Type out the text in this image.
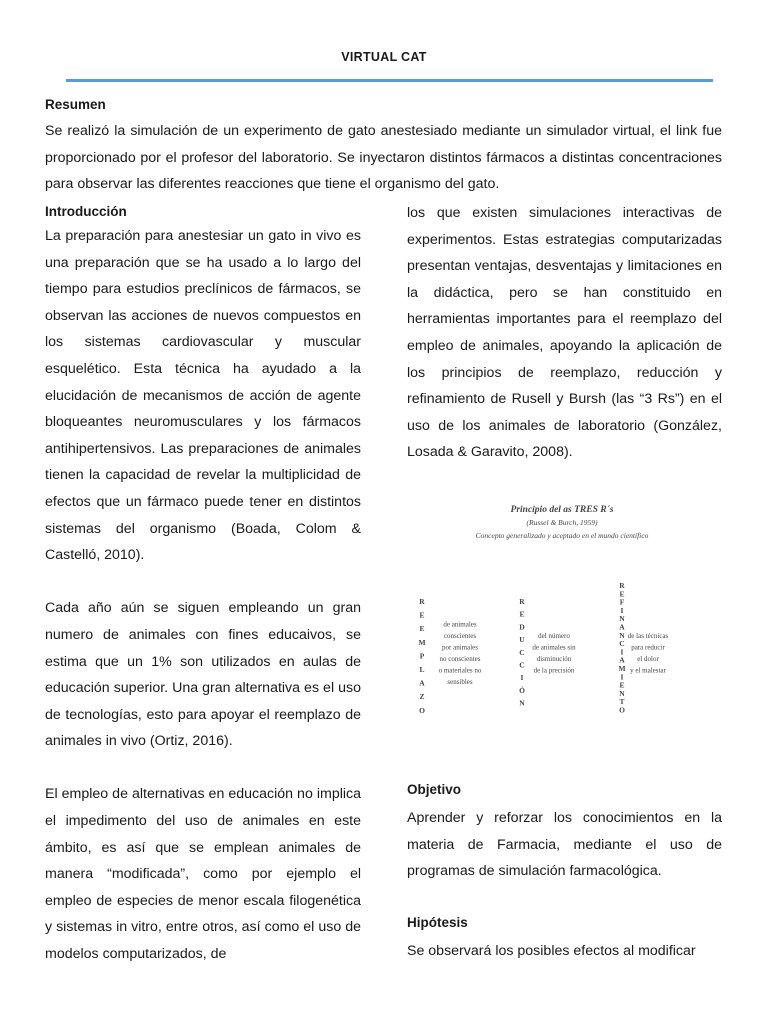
VIRTUAL CAT

Resumen

Se realizó la simulación de un experimento de gato anestesiado mediante un simulador virtual, el link fue proporcionado por el profesor del laboratorio. Se inyectaron distintos fármacos a distintas concentraciones para observar las diferentes reacciones que tiene el organismo del gato.

Introducción

La preparación para anestesiar un gato in vivo es una preparación que se ha usado a lo largo del tiempo para estudios preclínicos de fármacos, se observan las acciones de nuevos compuestos en los sistemas cardiovascular y muscular esquelético. Esta técnica ha ayudado a la elucidación de mecanismos de acción de agente bloqueantes neuromusculares y los fármacos antihipertensivos. Las preparaciones de animales tienen la capacidad de revelar la multiplicidad de efectos que un fármaco puede tener en distintos sistemas del organismo (Boada, Colom & Castelló, 2010).

Cada año aún se siguen empleando un gran numero de animales con fines educaivos, se estima que un 1% son utilizados en aulas de educación superior. Una gran alternativa es el uso de tecnologías, esto para apoyar el reemplazo de animales in vivo (Ortiz, 2016).

El empleo de alternativas en educación no implica el impedimento del uso de animales en este ámbito, es así que se emplean animales de manera “modificada”, como por ejemplo el empleo de especies de menor escala filogenética y sistemas in vitro, entre otros, así como el uso de modelos computarizados, de

los que existen simulaciones interactivas de experimentos. Estas estrategias computarizadas presentan ventajas, desventajas y limitaciones en la didáctica, pero se han constituido en herramientas importantes para el reemplazo del empleo de animales, apoyando la aplicación de los principios de reemplazo, reducción y refinamiento de Rusell y Bursh (las “3 Rs”) en el uso de los animales de laboratorio (González, Losada & Garavito, 2008).

Principio del as TRES R´s
(Russel & Burch, 1959)
Concepto generalizado y aceptado en el mundo científico
R
E
E
M
P
L
A
Z
O
de animales
conscientes
por animales
no conscientes
o materiales no
sensibles
R
E
D
U
C
C
I
Ó
N
del número
de animales sin
disminución
de la precisión
R
E
F
I
N
A
N
C
I
A
M
I
E
N
T
O
de las técnicas
para reducir
el dolor
y el malestar

Objetivo

Aprender y reforzar los conocimientos en la materia de Farmacia, mediante el uso de programas de simulación farmacológica.

Hipótesis

Se observará los posibles efectos al modificar
